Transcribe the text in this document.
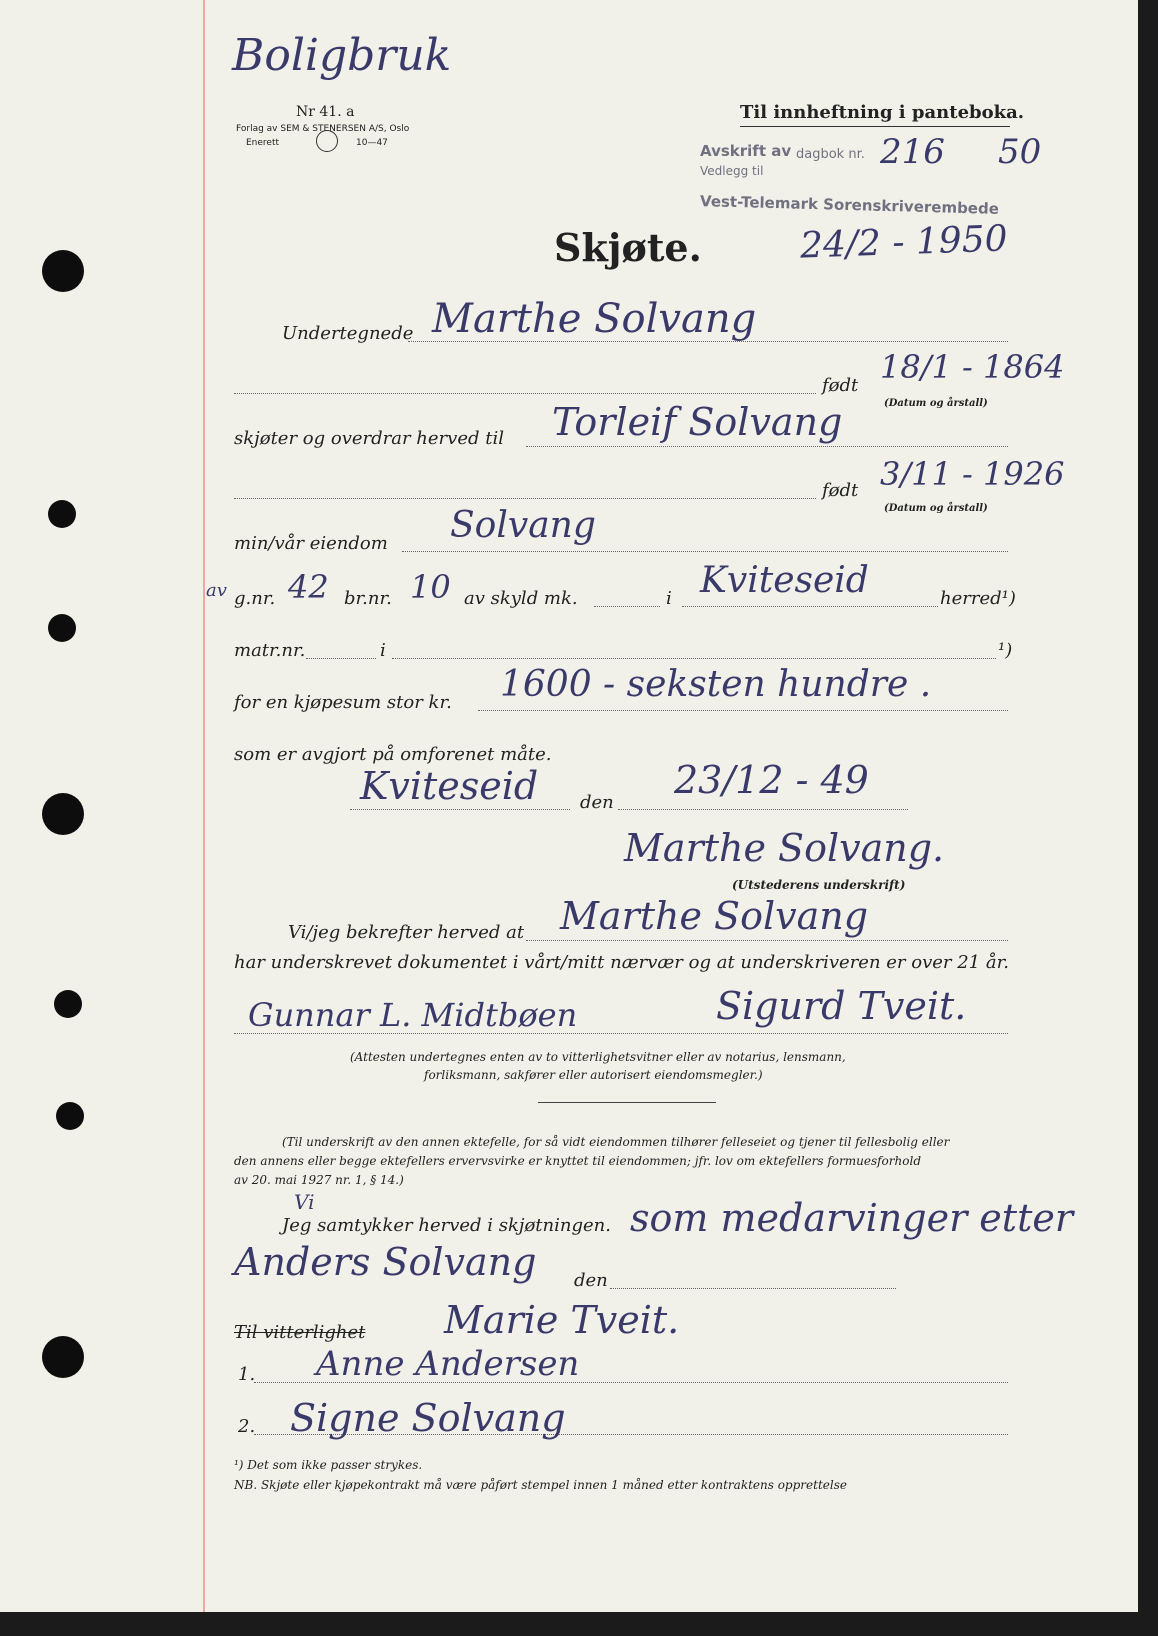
Boligbruk
Nr 41. a
Forlag av SEM & STENERSEN A/S, Oslo
Enerett	10—47
Til innheftning i panteboka.
Avskrift av dagbok nr. 216 50
Vedlegg til
Vest-Telemark Sorenskriverembede
24/2 - 1950
Skjøte.
Undertegnede Marthe Solvang
født 18/1 - 1864
(Datum og årstall)
skjøter og overdrar herved til Torleif Solvang
født 3/11 - 1926
(Datum og årstall)
min/vår eiendom Solvang
av g.nr. 42 br.nr. 10 av skyld mk.	i Kviteseid	herred¹)
matr.nr.	i	¹)
for en kjøpesum stor kr. 1600 - seksten hundre .
som er avgjort på omforenet måte.
Kviteseid den
23/12 - 49
Marthe Solvang.
(Utstederens underskrift)
Vi/jeg bekrefter herved at Marthe Solvang
har underskrevet dokumentet i vårt/mitt nærvær og at underskriveren er over 21 år.
Gunnar L. Midtbøen	Sigurd Tveit.
(Attesten undertegnes enten av to vitterlighetsvitner eller av notarius, lensmann,
forliksmann, sakfører eller autorisert eiendomsmegler.)
(Til underskrift av den annen ektefelle, for så vidt eiendommen tilhører felleseiet og tjener til fellesbolig eller
den annens eller begge ektefellers ervervsvirke er knyttet til eiendommen; jfr. lov om ektefellers formuesforhold
av 20. mai 1927 nr. 1, § 14.)
Vi
Jeg samtykker herved i skjøtningen. som medarvinger etter
Anders Solvang den
Til vitterlighet Marie Tveit.
1. Anne Andersen
2. Signe Solvang
¹) Det som ikke passer strykes.
NB. Skjøte eller kjøpekontrakt må være påført stempel innen 1 måned etter kontraktens opprettelse
